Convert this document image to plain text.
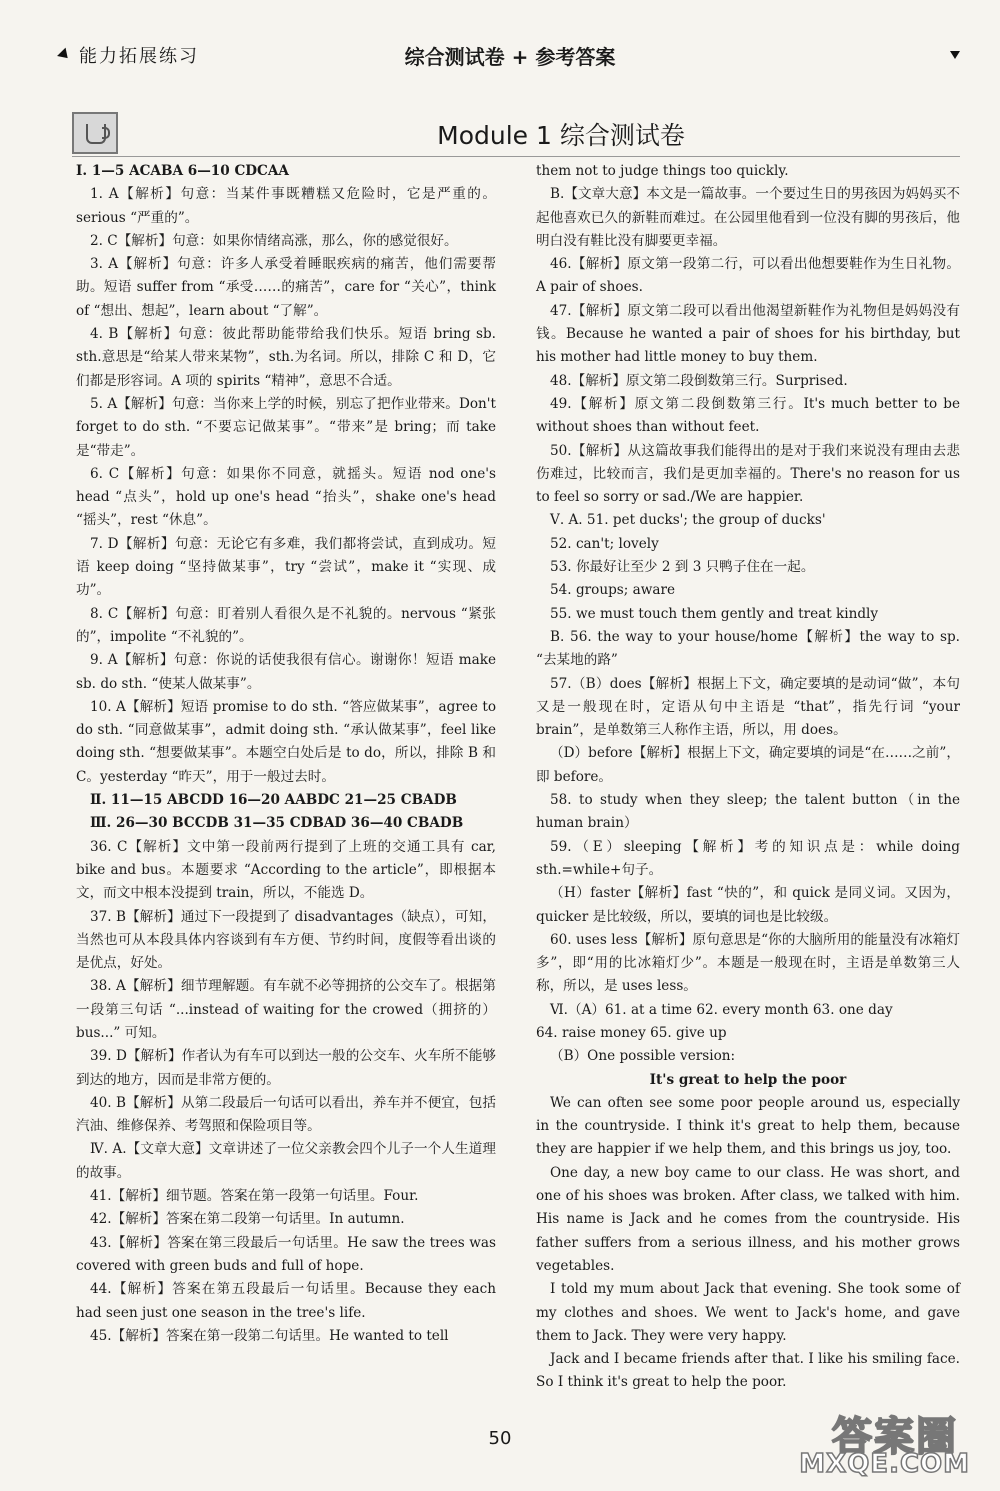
能力拓展练习	综合测试卷 + 参考答案
Module 1 综合测试卷

Ⅰ. 1—5 ACABA 6—10 CDCAA

1. A【解析】句意：当某件事既糟糕又危险时，它是严重的。serious “严重的”。

2. C【解析】句意：如果你情绪高涨，那么，你的感觉很好。

3. A【解析】句意：许多人承受着睡眠疾病的痛苦，他们需要帮助。短语 suffer from “承受……的痛苦”，care for “关心”，think of “想出、想起”，learn about “了解”。

4. B【解析】句意：彼此帮助能带给我们快乐。短语 bring sb. sth.意思是“给某人带来某物”，sth.为名词。所以，排除 C 和 D，它们都是形容词。A 项的 spirits “精神”，意思不合适。

5. A【解析】句意：当你来上学的时候，别忘了把作业带来。Don't forget to do sth. “不要忘记做某事”。“带来”是 bring；而 take 是“带走”。

6. C【解析】句意：如果你不同意，就摇头。短语 nod one's head “点头”，hold up one's head “抬头”，shake one's head “摇头”，rest “休息”。

7. D【解析】句意：无论它有多难，我们都将尝试，直到成功。短语 keep doing “坚持做某事”，try “尝试”，make it “实现、成功”。

8. C【解析】句意：盯着别人看很久是不礼貌的。nervous “紧张的”，impolite “不礼貌的”。

9. A【解析】句意：你说的话使我很有信心。谢谢你！短语 make sb. do sth. “使某人做某事”。

10. A【解析】短语 promise to do sth. “答应做某事”，agree to do sth. “同意做某事”，admit doing sth. “承认做某事”，feel like doing sth. “想要做某事”。本题空白处后是 to do，所以，排除 B 和 C。yesterday “昨天”，用于一般过去时。

Ⅱ. 11—15 ABCDD 16—20 AABDC 21—25 CBADB

Ⅲ. 26—30 BCCDB 31—35 CDBAD 36—40 CBADB

36. C【解析】文中第一段前两行提到了上班的交通工具有 car, bike and bus。本题要求 “According to the article”，即根据本文，而文中根本没提到 train，所以，不能选 D。

37. B【解析】通过下一段提到了 disadvantages（缺点），可知，当然也可从本段具体内容谈到有车方便、节约时间，度假等看出谈的是优点，好处。

38. A【解析】细节理解题。有车就不必等拥挤的公交车了。根据第一段第三句话 “...instead of waiting for the crowed（拥挤的）bus...” 可知。

39. D【解析】作者认为有车可以到达一般的公交车、火车所不能够到达的地方，因而是非常方便的。

40. B【解析】从第二段最后一句话可以看出，养车并不便宜，包括汽油、维修保养、考驾照和保险项目等。

Ⅳ. A.【文章大意】文章讲述了一位父亲教会四个儿子一个人生道理的故事。

41.【解析】细节题。答案在第一段第一句话里。Four.

42.【解析】答案在第二段第一句话里。In autumn.

43.【解析】答案在第三段最后一句话里。He saw the trees was covered with green buds and full of hope.

44.【解析】答案在第五段最后一句话里。Because they each had seen just one season in the tree's life.

45.【解析】答案在第一段第二句话里。He wanted to tell

them not to judge things too quickly.

B.【文章大意】本文是一篇故事。一个要过生日的男孩因为妈妈买不起他喜欢已久的新鞋而难过。在公园里他看到一位没有脚的男孩后，他明白没有鞋比没有脚要更幸福。

46.【解析】原文第一段第二行，可以看出他想要鞋作为生日礼物。A pair of shoes.

47.【解析】原文第二段可以看出他渴望新鞋作为礼物但是妈妈没有钱。Because he wanted a pair of shoes for his birthday, but his mother had little money to buy them.

48.【解析】原文第二段倒数第三行。Surprised.

49.【解析】原文第二段倒数第三行。It's much better to be without shoes than without feet.

50.【解析】从这篇故事我们能得出的是对于我们来说没有理由去悲伤难过，比较而言，我们是更加幸福的。There's no reason for us to feel so sorry or sad./We are happier.

Ⅴ. A. 51. pet ducks'; the group of ducks'

52. can't; lovely

53. 你最好让至少 2 到 3 只鸭子住在一起。

54. groups; aware

55. we must touch them gently and treat kindly

B. 56. the way to your house/home【解析】the way to sp. “去某地的路”

57.（B）does【解析】根据上下文，确定要填的是动词“做”，本句又是一般现在时，定语从句中主语是 “that”，指先行词 “your brain”，是单数第三人称作主语，所以，用 does。

（D）before【解析】根据上下文，确定要填的词是“在……之前”，即 before。

58. to study when they sleep; the talent button（in the human brain）

59.（E）sleeping【解析】考的知识点是：while doing sth.=while+句子。

（H）faster【解析】fast “快的”，和 quick 是同义词。又因为，quicker 是比较级，所以，要填的词也是比较级。

60. uses less【解析】原句意思是“你的大脑所用的能量没有冰箱灯多”，即“用的比冰箱灯少”。本题是一般现在时，主语是单数第三人称，所以，是 uses less。

Ⅵ.（A）61. at a time 62. every month 63. one day

64. raise money 65. give up

（B）One possible version:

It's great to help the poor

We can often see some poor people around us, especially in the countryside. I think it's great to help them, because they are happier if we help them, and this brings us joy, too.

One day, a new boy came to our class. He was short, and one of his shoes was broken. After class, we talked with him. His name is Jack and he comes from the countryside. His father suffers from a serious illness, and his mother grows vegetables.

I told my mum about Jack that evening. She took some of my clothes and shoes. We went to Jack's home, and gave them to Jack. They were very happy.

Jack and I became friends after that. I like his smiling face. So I think it's great to help the poor.

50	答案圈
MXQE.COM
